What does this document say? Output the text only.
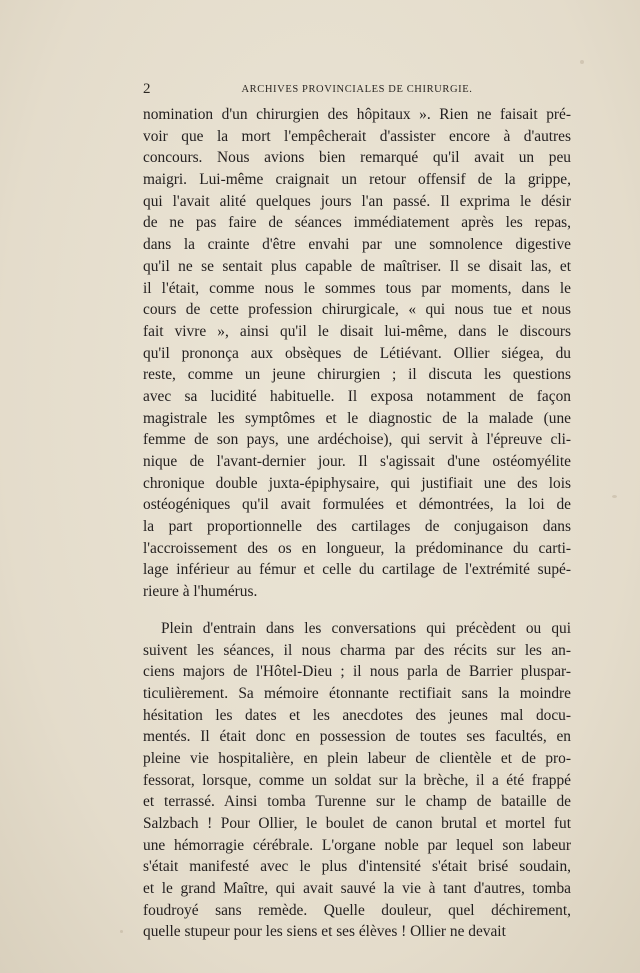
2	ARCHIVES PROVINCIALES DE CHIRURGIE.
nomination d'un chirurgien des hôpitaux ». Rien ne faisait pré-
voir que la mort l'empêcherait d'assister encore à d'autres
concours. Nous avions bien remarqué qu'il avait un peu
maigri. Lui-même craignait un retour offensif de la grippe,
qui l'avait alité quelques jours l'an passé. Il exprima le désir
de ne pas faire de séances immédiatement après les repas,
dans la crainte d'être envahi par une somnolence digestive
qu'il ne se sentait plus capable de maîtriser. Il se disait las, et
il l'était, comme nous le sommes tous par moments, dans le
cours de cette profession chirurgicale, « qui nous tue et nous
fait vivre », ainsi qu'il le disait lui-même, dans le discours
qu'il prononça aux obsèques de Létiévant. Ollier siégea, du
reste, comme un jeune chirurgien ; il discuta les questions
avec sa lucidité habituelle. Il exposa notamment de façon
magistrale les symptômes et le diagnostic de la malade (une
femme de son pays, une ardéchoise), qui servit à l'épreuve cli-
nique de l'avant-dernier jour. Il s'agissait d'une ostéomyélite
chronique double juxta-épiphysaire, qui justifiait une des lois
ostéogéniques qu'il avait formulées et démontrées, la loi de
la part proportionnelle des cartilages de conjugaison dans
l'accroissement des os en longueur, la prédominance du carti-
lage inférieur au fémur et celle du cartilage de l'extrémité supé-
rieure à l'humérus.
Plein d'entrain dans les conversations qui précèdent ou qui
suivent les séances, il nous charma par des récits sur les an-
ciens majors de l'Hôtel-Dieu ; il nous parla de Barrier pluspar-
ticulièrement. Sa mémoire étonnante rectifiait sans la moindre
hésitation les dates et les anecdotes des jeunes mal docu-
mentés. Il était donc en possession de toutes ses facultés, en
pleine vie hospitalière, en plein labeur de clientèle et de pro-
fessorat, lorsque, comme un soldat sur la brèche, il a été frappé
et terrassé. Ainsi tomba Turenne sur le champ de bataille de
Salzbach ! Pour Ollier, le boulet de canon brutal et mortel fut
une hémorragie cérébrale. L'organe noble par lequel son labeur
s'était manifesté avec le plus d'intensité s'était brisé soudain,
et le grand Maître, qui avait sauvé la vie à tant d'autres, tomba
foudroyé sans remède. Quelle douleur, quel déchirement,
quelle stupeur pour les siens et ses élèves ! Ollier ne devait
